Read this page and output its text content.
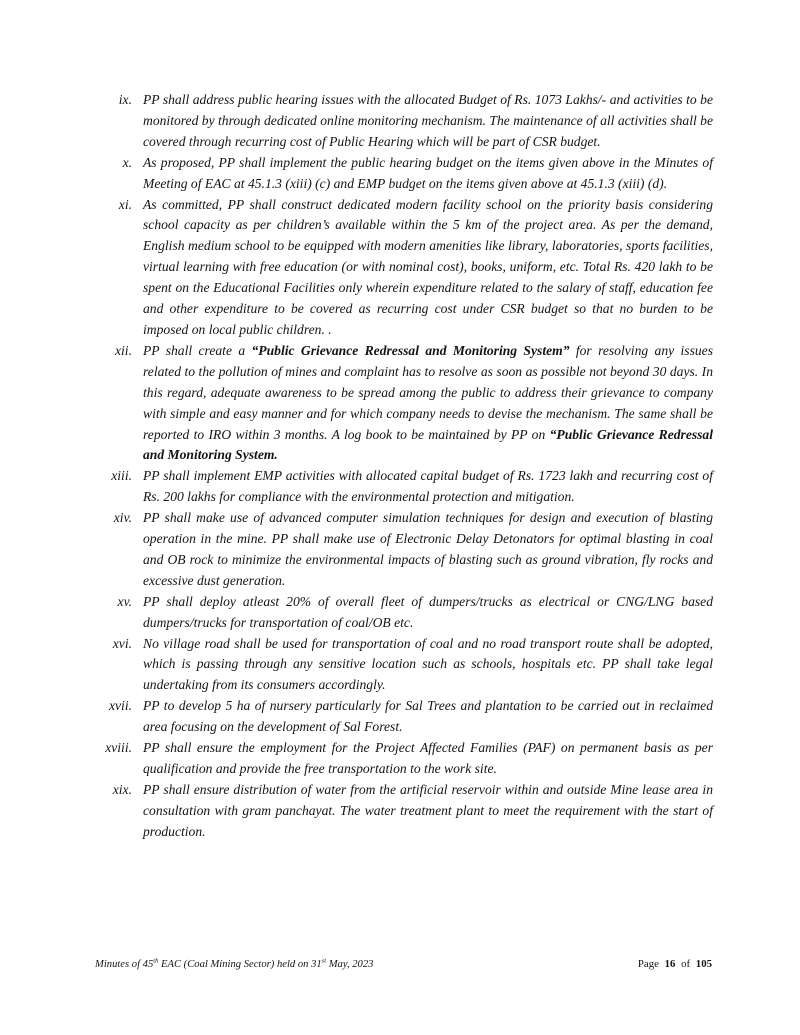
ix. PP shall address public hearing issues with the allocated Budget of Rs. 1073 Lakhs/- and activities to be monitored by through dedicated online monitoring mechanism. The maintenance of all activities shall be covered through recurring cost of Public Hearing which will be part of CSR budget.
x. As proposed, PP shall implement the public hearing budget on the items given above in the Minutes of Meeting of EAC at 45.1.3 (xiii) (c) and EMP budget on the items given above at 45.1.3 (xiii) (d).
xi. As committed, PP shall construct dedicated modern facility school on the priority basis considering school capacity as per children’s available within the 5 km of the project area. As per the demand, English medium school to be equipped with modern amenities like library, laboratories, sports facilities, virtual learning with free education (or with nominal cost), books, uniform, etc. Total Rs. 420 lakh to be spent on the Educational Facilities only wherein expenditure related to the salary of staff, education fee and other expenditure to be covered as recurring cost under CSR budget so that no burden to be imposed on local public children. .
xii. PP shall create a “Public Grievance Redressal and Monitoring System” for resolving any issues related to the pollution of mines and complaint has to resolve as soon as possible not beyond 30 days. In this regard, adequate awareness to be spread among the public to address their grievance to company with simple and easy manner and for which company needs to devise the mechanism. The same shall be reported to IRO within 3 months. A log book to be maintained by PP on “Public Grievance Redressal and Monitoring System.
xiii. PP shall implement EMP activities with allocated capital budget of Rs. 1723 lakh and recurring cost of Rs. 200 lakhs for compliance with the environmental protection and mitigation.
xiv. PP shall make use of advanced computer simulation techniques for design and execution of blasting operation in the mine. PP shall make use of Electronic Delay Detonators for optimal blasting in coal and OB rock to minimize the environmental impacts of blasting such as ground vibration, fly rocks and excessive dust generation.
xv. PP shall deploy atleast 20% of overall fleet of dumpers/trucks as electrical or CNG/LNG based dumpers/trucks for transportation of coal/OB etc.
xvi. No village road shall be used for transportation of coal and no road transport route shall be adopted, which is passing through any sensitive location such as schools, hospitals etc. PP shall take legal undertaking from its consumers accordingly.
xvii. PP to develop 5 ha of nursery particularly for Sal Trees and plantation to be carried out in reclaimed area focusing on the development of Sal Forest.
xviii. PP shall ensure the employment for the Project Affected Families (PAF) on permanent basis as per qualification and provide the free transportation to the work site.
xix. PP shall ensure distribution of water from the artificial reservoir within and outside Mine lease area in consultation with gram panchayat. The water treatment plant to meet the requirement with the start of production.
Minutes of 45th EAC (Coal Mining Sector) held on 31st May, 2023	Page 16 of 105
